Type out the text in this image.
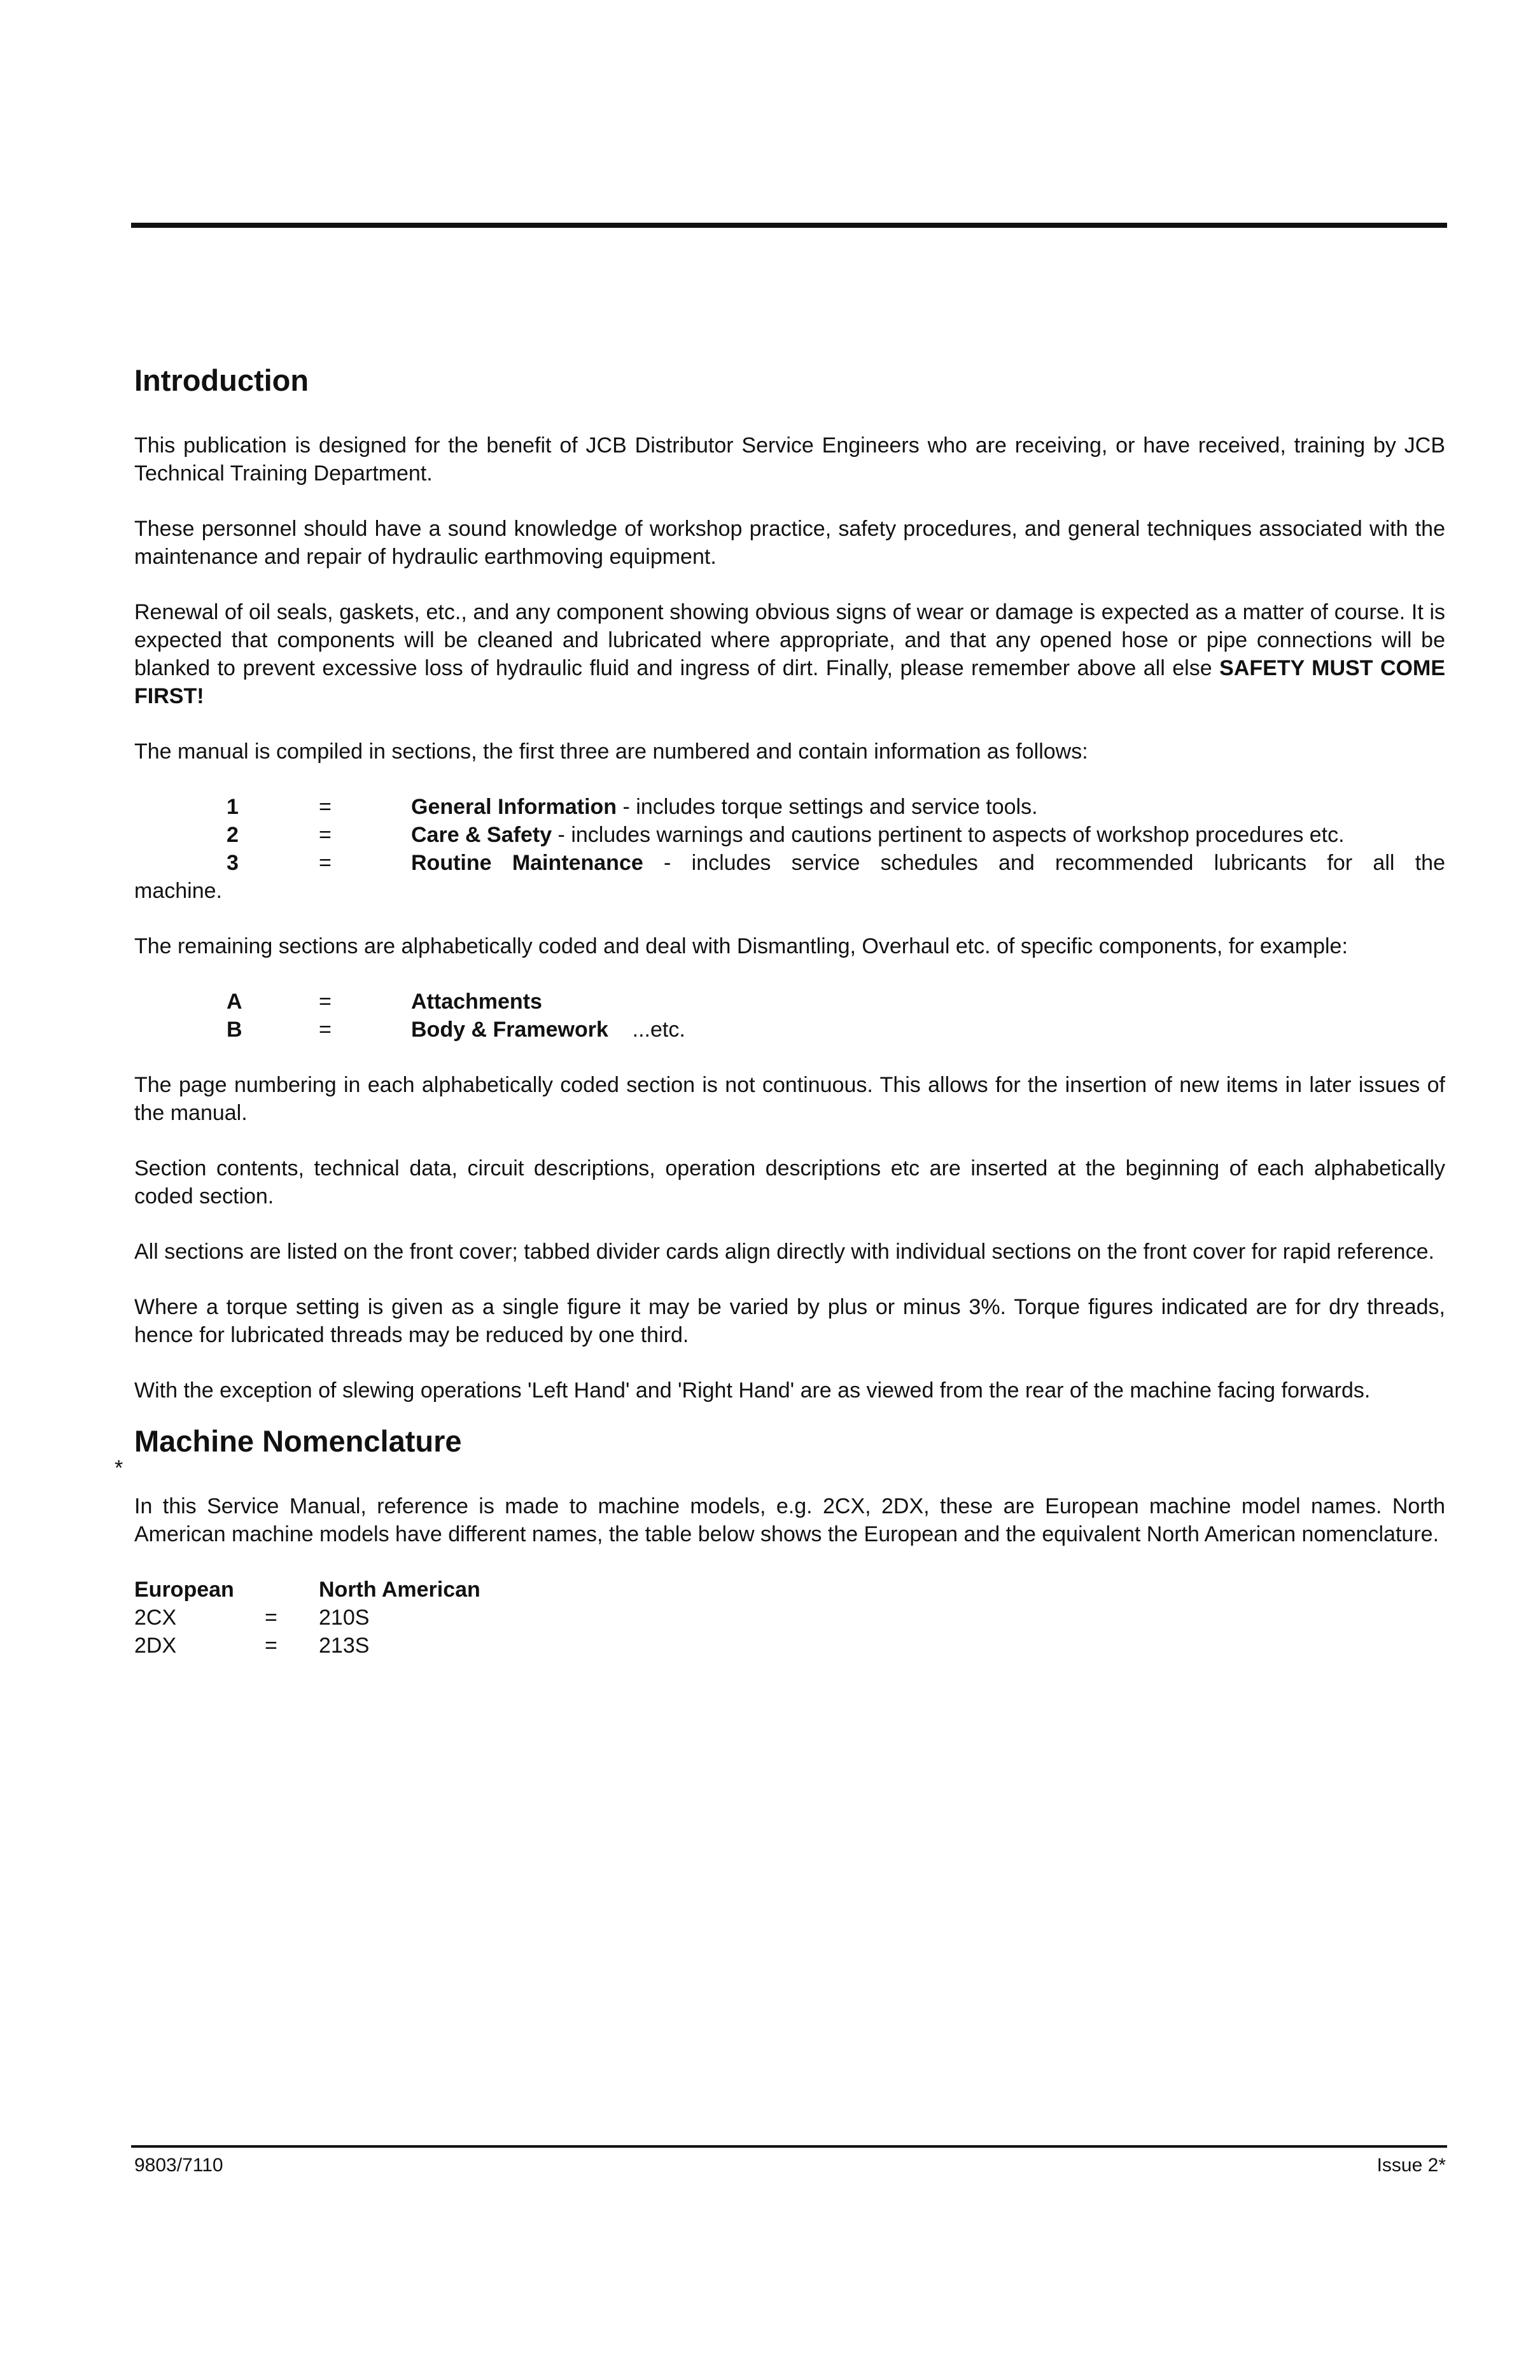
Introduction

This publication is designed for the benefit of JCB Distributor Service Engineers who are receiving, or have received, training by JCB Technical Training Department.

These personnel should have a sound knowledge of workshop practice, safety procedures, and general techniques associated with the maintenance and repair of hydraulic earthmoving equipment.

Renewal of oil seals, gaskets, etc., and any component showing obvious signs of wear or damage is expected as a matter of course. It is expected that components will be cleaned and lubricated where appropriate, and that any opened hose or pipe connections will be blanked to prevent excessive loss of hydraulic fluid and ingress of dirt. Finally, please remember above all else SAFETY MUST COME FIRST!

The manual is compiled in sections, the first three are numbered and contain information as follows:

1	=	General Information - includes torque settings and service tools.
2	=	Care & Safety - includes warnings and cautions pertinent to aspects of workshop procedures etc.
3	=	Routine Maintenance - includes service schedules and recommended lubricants for all the
machine.

The remaining sections are alphabetically coded and deal with Dismantling, Overhaul etc. of specific components, for example:

A	=	Attachments
B	=	Body & Framework    ...etc.

The page numbering in each alphabetically coded section is not continuous. This allows for the insertion of new items in later issues of the manual.

Section contents, technical data, circuit descriptions, operation descriptions etc are inserted at the beginning of each alphabetically coded section.

All sections are listed on the front cover; tabbed divider cards align directly with individual sections on the front cover for rapid reference.

Where a torque setting is given as a single figure it may be varied by plus or minus 3%. Torque figures indicated are for dry threads, hence for lubricated threads may be reduced by one third.

With the exception of slewing operations 'Left Hand' and 'Right Hand' are as viewed from the rear of the machine facing forwards.

Machine Nomenclature

In this Service Manual, reference is made to machine models, e.g. 2CX, 2DX, these are European machine model names. North American machine models have different names, the table below shows the European and the equivalent North American nomenclature.

European	North American
2CX	= 210S
2DX	= 213S
*
9803/7110	Issue 2*
